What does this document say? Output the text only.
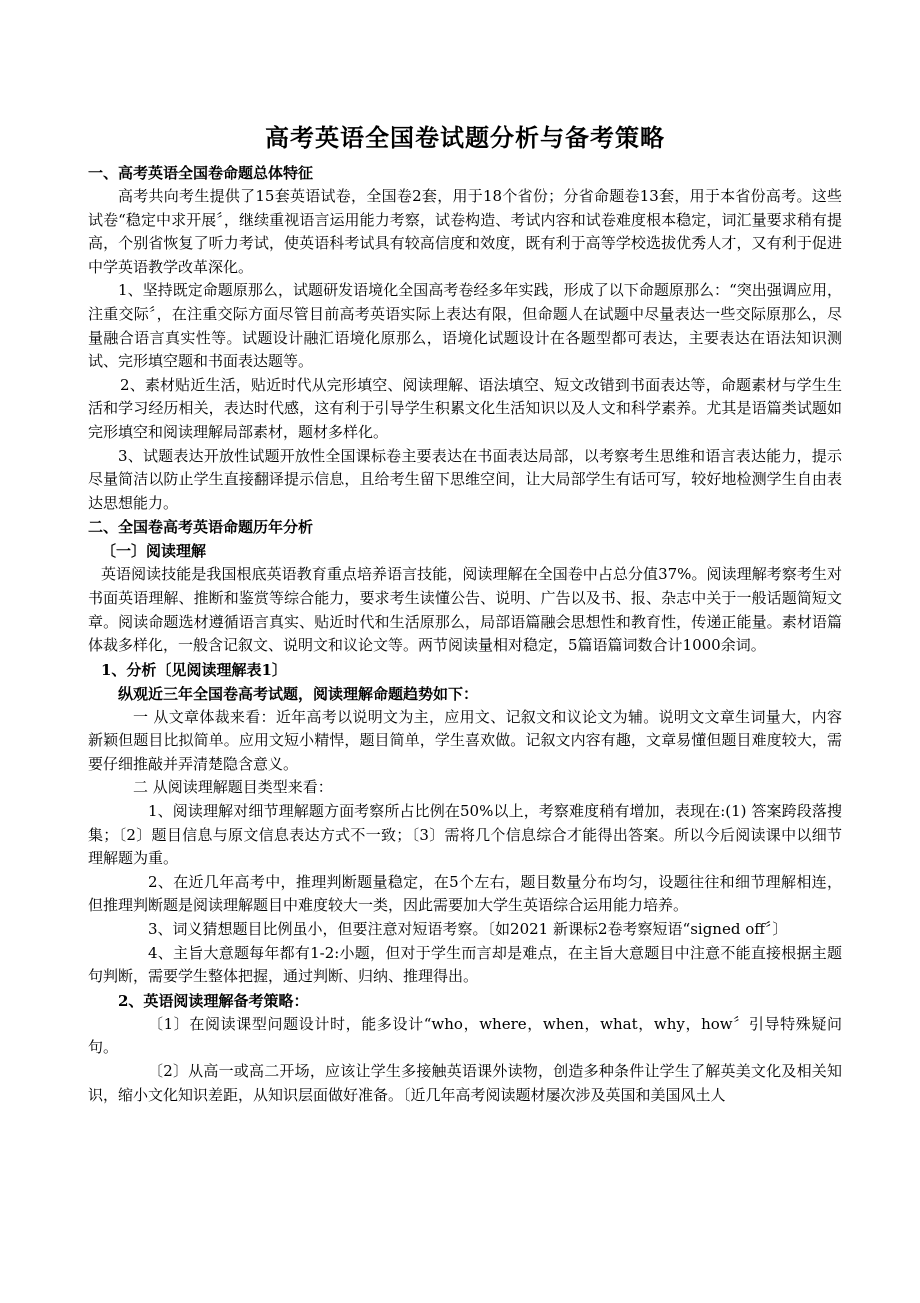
高考英语全国卷试题分析与备考策略

一、高考英语全国卷命题总体特征

高考共向考生提供了15套英语试卷，全国卷2套，用于18个省份；分省命题卷13套，用于本省份高考。这些试卷“稳定中求开展〞，继续重视语言运用能力考察，试卷构造、考试内容和试卷难度根本稳定，词汇量要求稍有提高，个别省恢复了听力考试，使英语科考试具有较高信度和效度，既有利于高等学校选拔优秀人才，又有利于促进中学英语教学改革深化。

1、坚持既定命题原那么，试题研发语境化全国高考卷经多年实践，形成了以下命题原那么：“突出强调应用，注重交际〞，在注重交际方面尽管目前高考英语实际上表达有限，但命题人在试题中尽量表达一些交际原那么，尽量融合语言真实性等。试题设计融汇语境化原那么，语境化试题设计在各题型都可表达，主要表达在语法知识测试、完形填空题和书面表达题等。

2、素材贴近生活，贴近时代从完形填空、阅读理解、语法填空、短文改错到书面表达等，命题素材与学生生活和学习经历相关，表达时代感，这有利于引导学生积累文化生活知识以及人文和科学素养。尤其是语篇类试题如完形填空和阅读理解局部素材，题材多样化。

3、试题表达开放性试题开放性全国课标卷主要表达在书面表达局部，以考察考生思维和语言表达能力，提示尽量简洁以防止学生直接翻译提示信息，且给考生留下思维空间，让大局部学生有话可写，较好地检测学生自由表达思想能力。

二、全国卷高考英语命题历年分析

〔一〕阅读理解

英语阅读技能是我国根底英语教育重点培养语言技能，阅读理解在全国卷中占总分值37%。阅读理解考察考生对书面英语理解、推断和鉴赏等综合能力，要求考生读懂公告、说明、广告以及书、报、杂志中关于一般话题简短文章。阅读命题选材遵循语言真实、贴近时代和生活原那么，局部语篇融会思想性和教育性，传递正能量。素材语篇体裁多样化，一般含记叙文、说明文和议论文等。两节阅读量相对稳定，5篇语篇词数合计1000余词。

1、分析〔见阅读理解表1〕

纵观近三年全国卷高考试题，阅读理解命题趋势如下：

一 从文章体裁来看：近年高考以说明文为主，应用文、记叙文和议论文为辅。说明文文章生词量大，内容新颖但题目比拟简单。应用文短小精悍，题目简单，学生喜欢做。记叙文内容有趣，文章易懂但题目难度较大，需要仔细推敲并弄清楚隐含意义。

二 从阅读理解题目类型来看：

1、阅读理解对细节理解题方面考察所占比例在50%以上，考察难度稍有增加，表现在:(1) 答案跨段落搜集；〔2〕题目信息与原文信息表达方式不一致；〔3〕需将几个信息综合才能得出答案。所以今后阅读课中以细节理解题为重。

2、在近几年高考中，推理判断题量稳定，在5个左右，题目数量分布均匀，设题往往和细节理解相连，但推理判断题是阅读理解题目中难度较大一类，因此需要加大学生英语综合运用能力培养。

3、词义猜想题目比例虽小，但要注意对短语考察。〔如2021 新课标2卷考察短语“signed off〞〕

4、主旨大意题每年都有1-2:小题，但对于学生而言却是难点，在主旨大意题目中注意不能直接根据主题句判断，需要学生整体把握，通过判断、归纳、推理得出。

2、英语阅读理解备考策略：

〔1〕在阅读课型问题设计时，能多设计“who，where，when，what，why，how〞引导特殊疑问句。

〔2〕从高一或高二开场，应该让学生多接触英语课外读物，创造多种条件让学生了解英美文化及相关知识，缩小文化知识差距，从知识层面做好准备。〔近几年高考阅读题材屡次涉及英国和美国风土人
